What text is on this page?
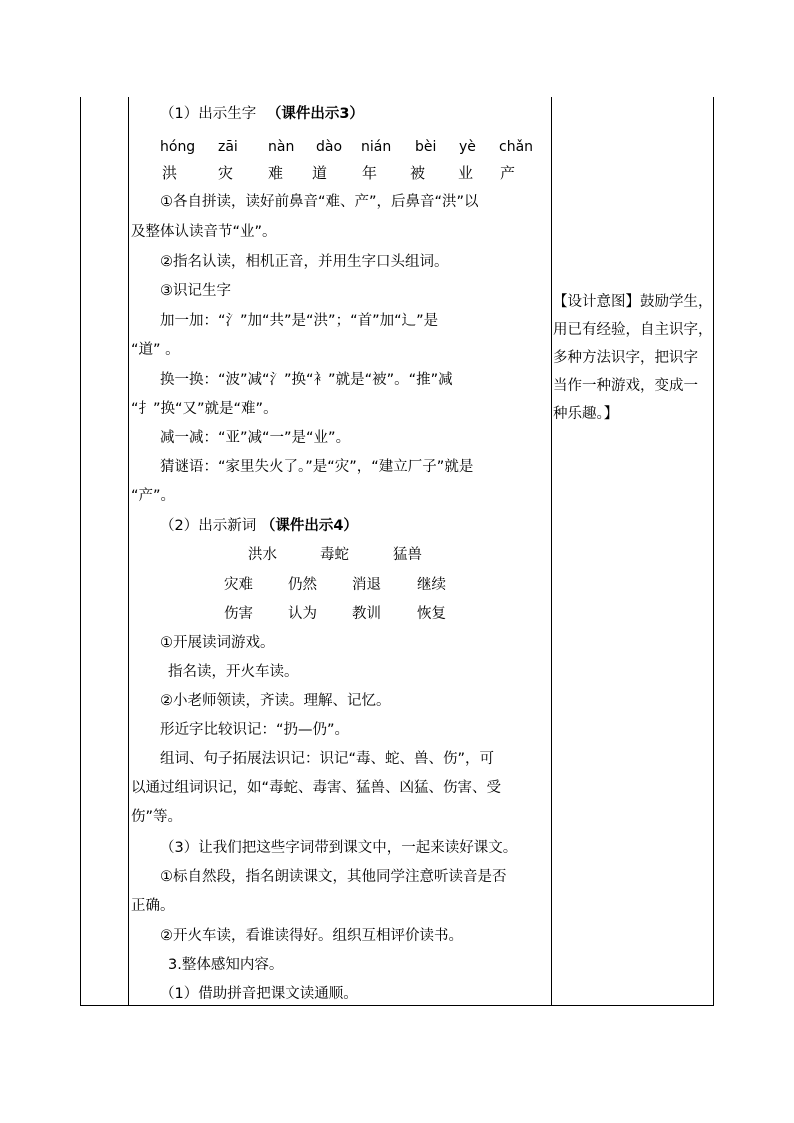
（1）出示生字 （课件出示3）
hóng zāi nàn dào nián bèi yè chǎn
洪	灾 难 道 年 被 业 产
①各自拼读，读好前鼻音“难、产”，后鼻音“洪”以
及整体认读音节“业”。
②指名认读，相机正音，并用生字口头组词。
③识记生字
加一加：“氵”加“共”是“洪”；“首”加“辶”是
“道” 。
换一换：“波”减“氵”换“衤”就是“被”。“推”减
“扌”换“又”就是“难”。
减一减：“亚”减“一”是“业”。
猜谜语：“家里失火了。”是“灾”，“建立厂子”就是
“产”。
（2）出示新词 （课件出示4）
洪水	毒蛇	猛兽
灾难 仍然 消退 继续
伤害 认为 教训 恢复
①开展读词游戏。
指名读，开火车读。
②小老师领读，齐读。理解、记忆。
形近字比较识记：“扔—仍”。
组词、句子拓展法识记：识记“毒、蛇、兽、伤”，可
以通过组词识记，如“毒蛇、毒害、猛兽、凶猛、伤害、受
伤”等。
（3）让我们把这些字词带到课文中，一起来读好课文。
①标自然段，指名朗读课文，其他同学注意听读音是否
正确。
②开火车读，看谁读得好。组织互相评价读书。
3.整体感知内容。
（1）借助拼音把课文读通顺。
【设计意图】鼓励学生，
用已有经验，自主识字，
多种方法识字，把识字
当作一种游戏，变成一
种乐趣。】
